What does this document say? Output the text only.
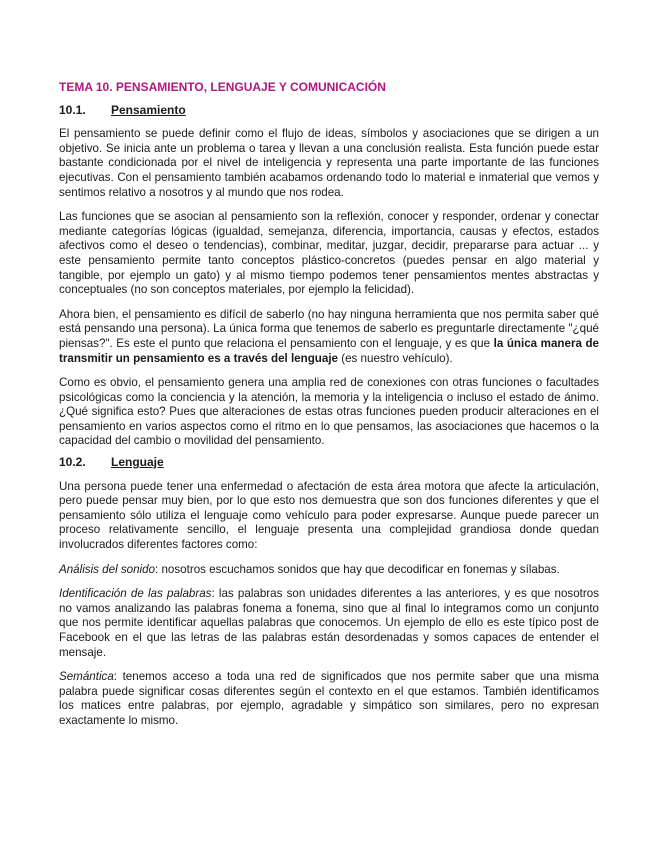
TEMA 10. PENSAMIENTO, LENGUAJE Y COMUNICACIÓN
10.1. Pensamiento

El pensamiento se puede definir como el flujo de ideas, símbolos y asociaciones que se dirigen a un objetivo. Se inicia ante un problema o tarea y llevan a una conclusión realista. Esta función puede estar bastante condicionada por el nivel de inteligencia y representa una parte importante de las funciones ejecutivas. Con el pensamiento también acabamos ordenando todo lo material e inmaterial que vemos y sentimos relativo a nosotros y al mundo que nos rodea.

Las funciones que se asocian al pensamiento son la reflexión, conocer y responder, ordenar y conectar mediante categorías lógicas (igualdad, semejanza, diferencia, importancia, causas y efectos, estados afectivos como el deseo o tendencias), combinar, meditar, juzgar, decidir, prepararse para actuar ... y este pensamiento permite tanto conceptos plástico-concretos (puedes pensar en algo material y tangible, por ejemplo un gato) y al mismo tiempo podemos tener pensamientos mentes abstractas y conceptuales (no son conceptos materiales, por ejemplo la felicidad).

Ahora bien, el pensamiento es difícil de saberlo (no hay ninguna herramienta que nos permita saber qué está pensando una persona). La única forma que tenemos de saberlo es preguntarle directamente "¿qué piensas?". Es este el punto que relaciona el pensamiento con el lenguaje, y es que la única manera de transmitir un pensamiento es a través del lenguaje (es nuestro vehículo).

Como es obvio, el pensamiento genera una amplia red de conexiones con otras funciones o facultades psicológicas como la conciencia y la atención, la memoria y la inteligencia o incluso el estado de ánimo. ¿Qué significa esto? Pues que alteraciones de estas otras funciones pueden producir alteraciones en el pensamiento en varios aspectos como el ritmo en lo que pensamos, las asociaciones que hacemos o la capacidad del cambio o movilidad del pensamiento.

10.2. Lenguaje

Una persona puede tener una enfermedad o afectación de esta área motora que afecte la articulación, pero puede pensar muy bien, por lo que esto nos demuestra que son dos funciones diferentes y que el pensamiento sólo utiliza el lenguaje como vehículo para poder expresarse. Aunque puede parecer un proceso relativamente sencillo, el lenguaje presenta una complejidad grandiosa donde quedan involucrados diferentes factores como:

Análisis del sonido: nosotros escuchamos sonidos que hay que decodificar en fonemas y sílabas.

Identificación de las palabras: las palabras son unidades diferentes a las anteriores, y es que nosotros no vamos analizando las palabras fonema a fonema, sino que al final lo integramos como un conjunto que nos permite identificar aquellas palabras que conocemos. Un ejemplo de ello es este típico post de Facebook en el que las letras de las palabras están desordenadas y somos capaces de entender el mensaje.

Semántica: tenemos acceso a toda una red de significados que nos permite saber que una misma palabra puede significar cosas diferentes según el contexto en el que estamos. También identificamos los matices entre palabras, por ejemplo, agradable y simpático son similares, pero no expresan exactamente lo mismo.
